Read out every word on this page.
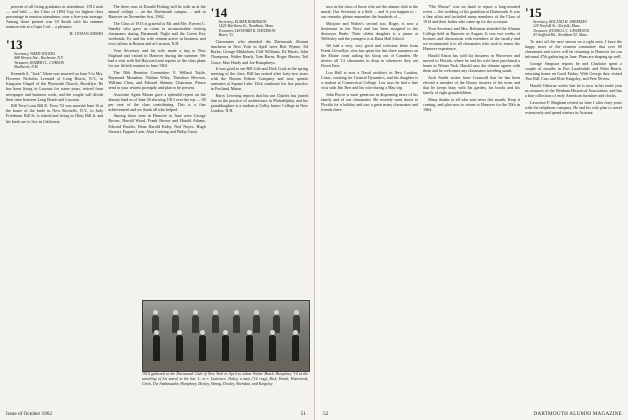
percent of all living graduates in attendance. 1912 took — and held — the Class of 1894 Cup for highest class percentage in reunion attendance, over a five-year average. Among those present was Ol Smith with his summer reunion-ette at a Cape Cod ... a pleasure.

H. LYMAN ARMES
'13
Secretary, WARD WICKES
408 Weston Ave., Rochester, N.Y.
Treasurer, ROBERT L. CORSON
Shelburne, N.H.

Kenneth A. "Jack" Aiken was married on June 9 to Mrs. Florence Nicholas Leonard of Long Beach, N.Y., in Kingston Chapel of the Plymouth Church, Brooklyn. He has been living in Laconia for some years, retired from newspaper and business work, and the couple will divide their time between Long Beach and Laconia.

Bill Terry's son Bill K. Terry '52 was married June 16 at the home of the bride in New Rochelle, N.Y., to Judy Friedman. Bill Sr. is retired and living in Ohio; Bill Jr. and his bride are to live in California.

The three sons of Donald Fishing will be with us at the annual college ... on the Dartmouth campus ... and in Hanover on November first, 1962.

The Class of 1913 is grateful to Mr. and Mrs. Everett C. Stanley who gave us room to accommodate visiting classmates during Dartmouth Night and the Green Key weekends. Ev and his wife remain active in business and civic affairs at Boston and at Laconia, N.H.

Your Secretary and his wife made a trip to New England and visited in Hanover during the summer. We had a visit with Sid Hayward and reports of the class plans for our fiftieth reunion in June 1963.

The 50th Reunion Committee: F. Willard Tuttle, Raymond Monahan, Nathan Wiley, Theodore Hewson, William Clem, and Edward Skinner, Chairman. Please send in your returns promptly and plan to be present.

Associate Agent Moran gave a splendid report on the alumni fund as of June 30 showing 1913 over the top — 90 per cent of the class contributing. This is a fine achievement and we thank all who helped.

Among those seen in Hanover in June were George Brown, Harold Wood, Frank Brown and Harold Adams; Edward Brooks, Dean Harold Kirby, Ned Noyes, Hugh Stewart, Eugene Lane, Alan Cushing and Philip Carey.

'14
Secretary, ELMER ROBINSON
1425 Marlboro St., Needham, Mass.
Treasurer, LEONARD R. DAVIDSON
Barre, Vt.

Classmates who attended the Dartmouth Alumni luncheon in New York in April were Bob Wynne, Ed Burke, George Mikkelsen, Cliff Williams, Ed Harris, John Thompson, Walter Beach, Tom Burns, Roger Hawes, Ted Grace, Max Hardy and Joe Humphreys.

It was good to see Bill Gile and Dick Cook at the spring meeting of the class. Bill has retired after forty-two years with the Boston Edison Company and now spends summers at Squam Lake. Dick continues his law practice in Portland, Maine.

Harry Levering reports that his son Charles has joined him in the practice of architecture in Philadelphia, and his granddaughter is a student at Colby Junior College in New London, N.H.

1914 gathered at the Dartmouth Club of New York in April to salute Walter Beach Humphrey '14 at the unveiling of his mural in the bar. L. to r. Lawrence, Daley, a man ('14 ring), Bick, Heath, Huntwood, Crick, The Ambassador, Humphrey, Dickey, Strong, Dooley, Sheridan, and Kingsley.
Issue of October 1962	51

now in the class of those who are the alumni club to the mural. Our Secretary is a little ... and if you happen to ... our remarks, please remember the hundreds of ...

Marjorie and Walter's second son, Roger, is now a lieutenant in the Navy and has been assigned to the destroyer Beale. Their oldest daughter is a junior at Wellesley and the youngest is at Dana Hall School.

We had a very, very good and welcome letter from Frank Llewellyn, who has spent the last three summers on the Maine coast sailing his sloop out of Camden. He invites all '14 classmates to drop in whenever they are Down East.

Lou Hall is now a Naval architect in New London, Conn., working for General Dynamics, and his daughter is a student at Connecticut College. Lou says he had a fine visit with Jim Bert and his wife during a May trip.

John Pierce is most generous in dispensing news of his family and of our classmates. He recently went down to Florida for a holiday and saw a great many classmates and friends there.

"The Moose" was on hand to report a long-awaited event — the wedding of his grandson at Dartmouth. It was a fine affair and included many members of the Class of 1914 and their ladies who came up for the occasion.

Your Secretary and Mrs. Robinson attended the Alumni College held in Hanover in August. It was two weeks of lectures and discussions with members of the faculty and we recommend it to all classmates who wish to renew the Hanover experience.

Harold Eaton has sold his business in Worcester and moved to Florida, where he and his wife have purchased a home in Winter Park. Harold says the climate agrees with them and he welcomes any classmates traveling south.

Arch Smith writes from Cornwall that he has been elected a member of the library trustees of his town and that he keeps busy with his garden, his books and his family of eight grandchildren.

Many thanks to all who sent news this month. Keep it coming, and plan now to return to Hanover for the 50th in 1964.

'15
Secretary, ROLAND H. SHERMAN
120 Norfolk St., Norfolk, Mass.
Treasurer, RUSSELL C. LAWRENCE
43 Stafford Rd., Needham 92, Mass.

To start off the new season on a right note, I have the happy news of the reunion committee that over 60 classmates and wives will be returning to Hanover for our informal 47th gathering in June. Plans are shaping up well.

George Simpson reports he and Charlotte spent a couple of months in Fort Lauderdale and Palm Beach, returning home on Good Friday. With George they visited Tim Hill, Cass and Elsie Kingsley, and Pete Nevins.

Harold Osborne writes that he is now in his tenth year as treasurer of the Wenham Historical Association, and has a fine collection of early American furniture and clocks.

Lawrence F. Bingham retired on June 1 after forty years with the telephone company. He and his wife plan to travel extensively and spend winters in Arizona.

52	DARTMOUTH ALUMNI MAGAZINE
